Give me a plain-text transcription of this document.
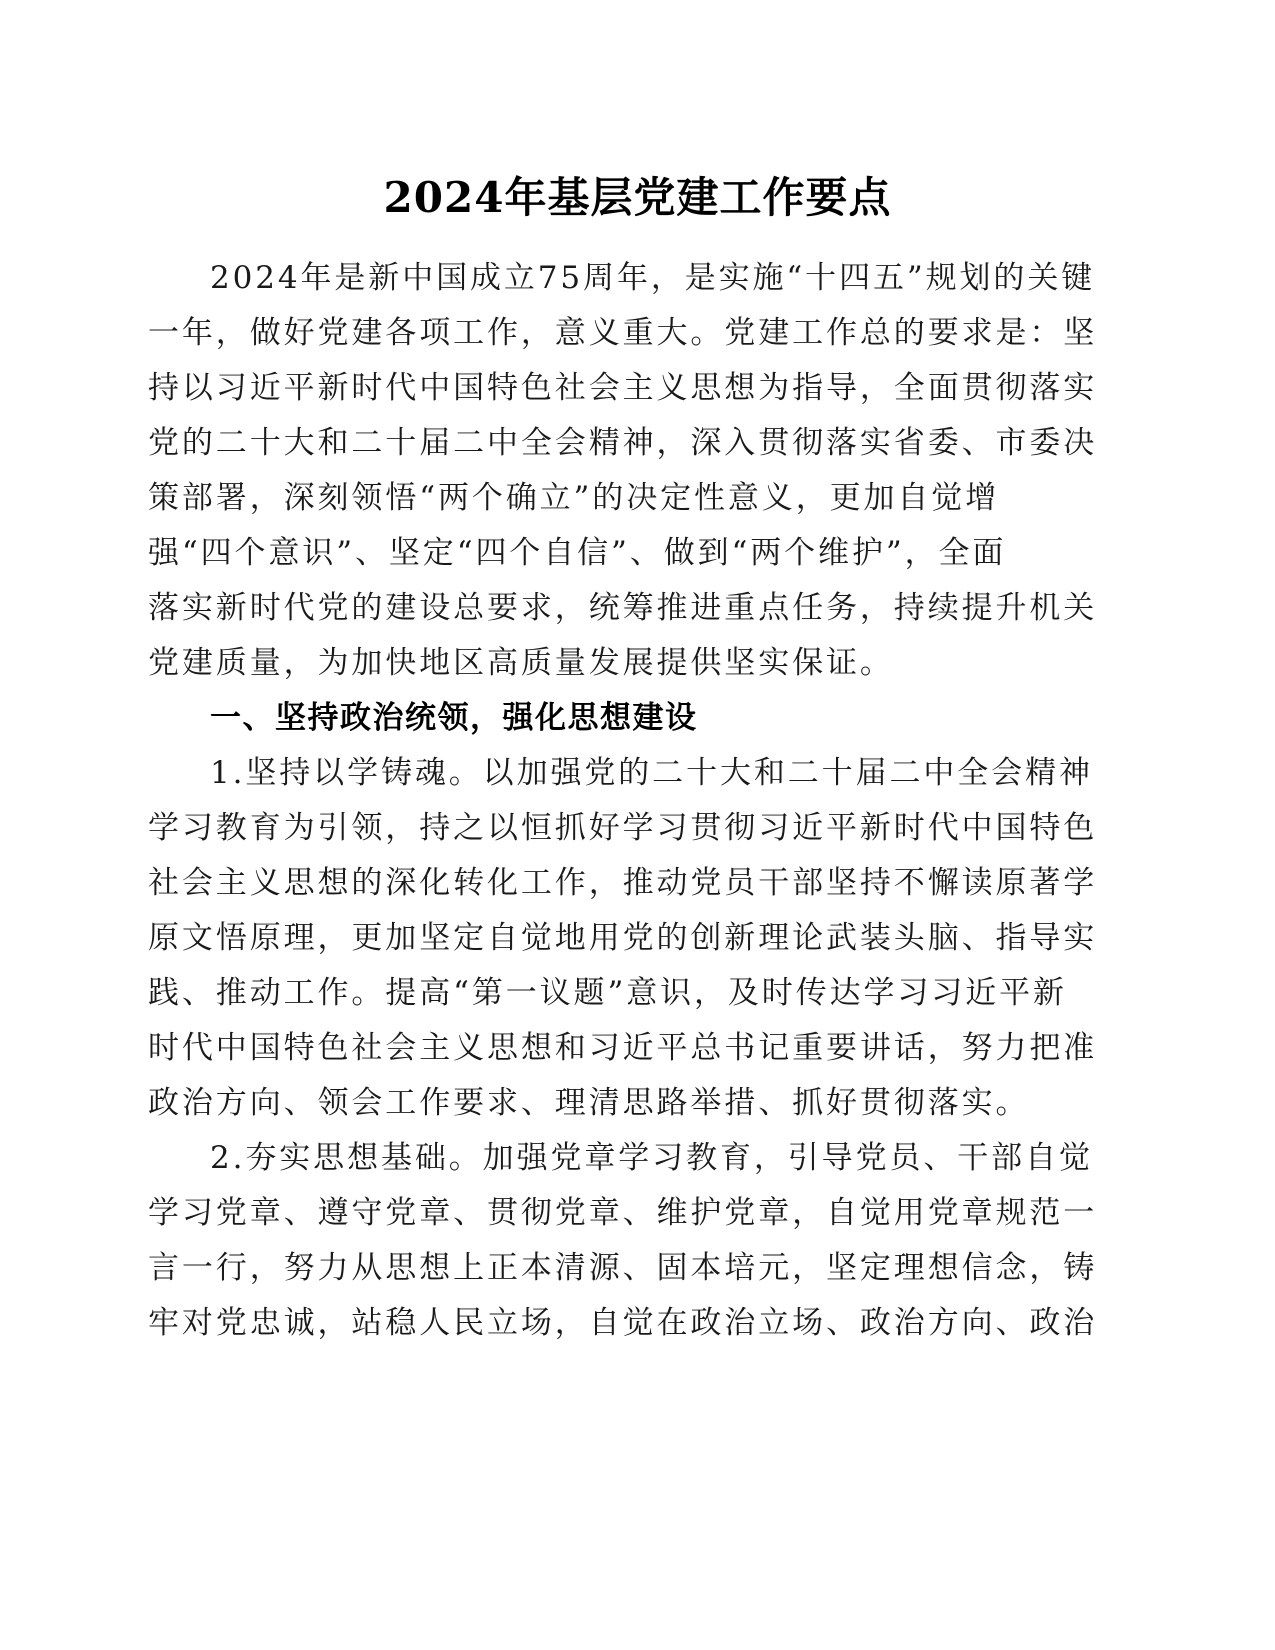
2024年基层党建工作要点
2024年是新中国成立75周年，是实施“十四五”规划的关键
一年，做好党建各项工作，意义重大。党建工作总的要求是：坚
持以习近平新时代中国特色社会主义思想为指导，全面贯彻落实
党的二十大和二十届二中全会精神，深入贯彻落实省委、市委决
策部署，深刻领悟“两个确立”的决定性意义，更加自觉增
强“四个意识”、坚定“四个自信”、做到“两个维护”，全面
落实新时代党的建设总要求，统筹推进重点任务，持续提升机关
党建质量，为加快地区高质量发展提供坚实保证。
一、坚持政治统领，强化思想建设
1.坚持以学铸魂。以加强党的二十大和二十届二中全会精神
学习教育为引领，持之以恒抓好学习贯彻习近平新时代中国特色
社会主义思想的深化转化工作，推动党员干部坚持不懈读原著学
原文悟原理，更加坚定自觉地用党的创新理论武装头脑、指导实
践、推动工作。提高“第一议题”意识，及时传达学习习近平新
时代中国特色社会主义思想和习近平总书记重要讲话，努力把准
政治方向、领会工作要求、理清思路举措、抓好贯彻落实。
2.夯实思想基础。加强党章学习教育，引导党员、干部自觉
学习党章、遵守党章、贯彻党章、维护党章，自觉用党章规范一
言一行，努力从思想上正本清源、固本培元，坚定理想信念，铸
牢对党忠诚，站稳人民立场，自觉在政治立场、政治方向、政治
